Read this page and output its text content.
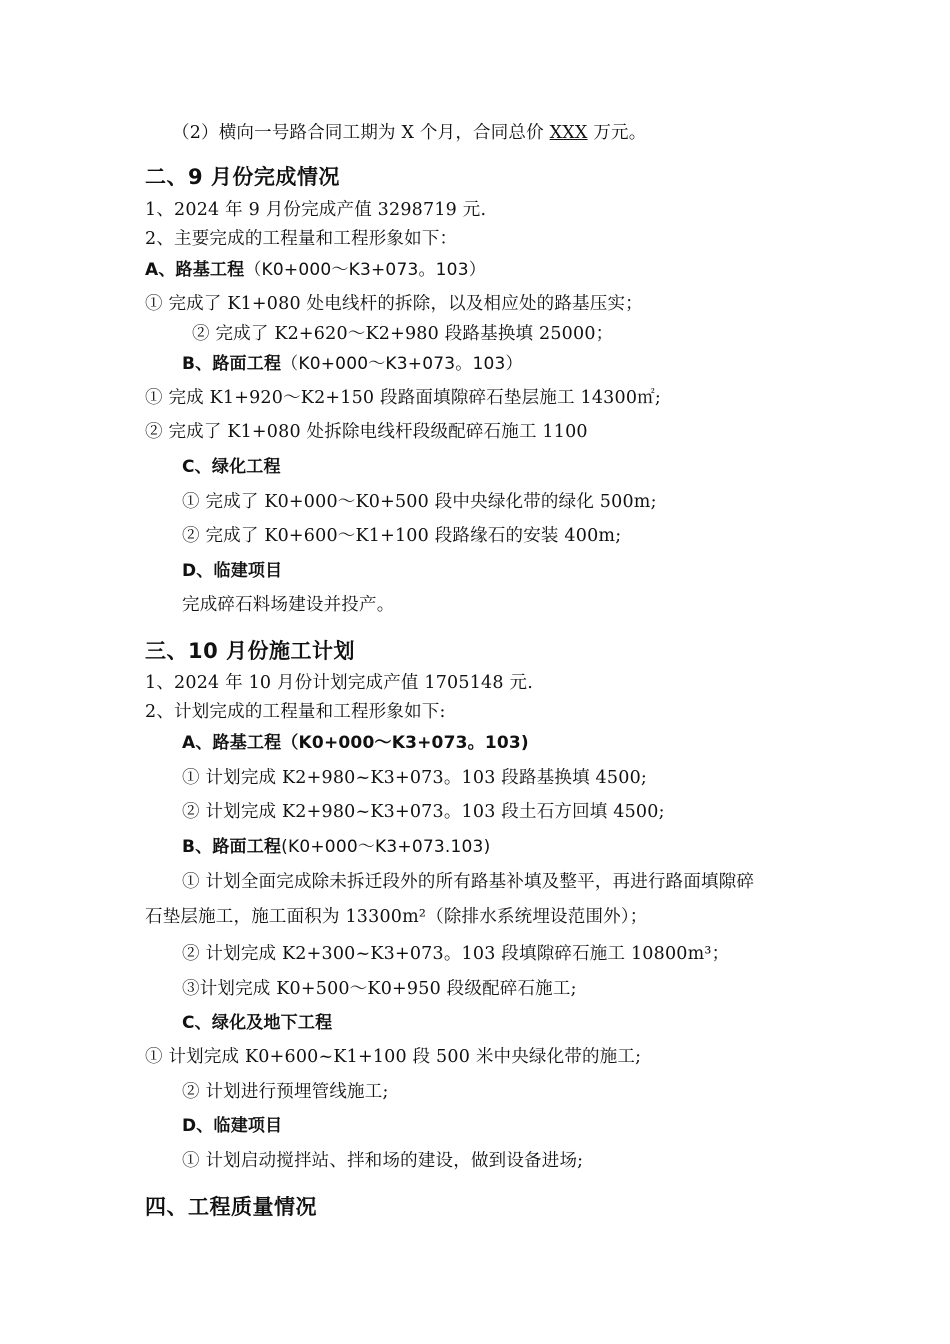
（2）横向一号路合同工期为 X 个月，合同总价 XXX 万元。
二、9 月份完成情况
1、2024 年 9 月份完成产值 3298719 元.
2、主要完成的工程量和工程形象如下：
A、路基工程（K0+000～K3+073。103）
① 完成了 K1+080 处电线杆的拆除，以及相应处的路基压实；
② 完成了 K2+620～K2+980 段路基换填 25000；
B、路面工程（K0+000～K3+073。103）
① 完成 K1+920～K2+150 段路面填隙碎石垫层施工 14300㎡;
② 完成了 K1+080 处拆除电线杆段级配碎石施工 1100
C、绿化工程
① 完成了 K0+000～K0+500 段中央绿化带的绿化 500m;
② 完成了 K0+600～K1+100 段路缘石的安装 400m;
D、临建项目
完成碎石料场建设并投产。
三、10 月份施工计划
1、2024 年 10 月份计划完成产值 1705148 元.
2、计划完成的工程量和工程形象如下:
A、路基工程（K0+000～K3+073。103)
① 计划完成 K2+980~K3+073。103 段路基换填 4500;
② 计划完成 K2+980~K3+073。103 段土石方回填 4500;
B、路面工程(K0+000～K3+073.103)
① 计划全面完成除未拆迁段外的所有路基补填及整平，再进行路面填隙碎
石垫层施工，施工面积为 13300m²（除排水系统埋设范围外）；
② 计划完成 K2+300~K3+073。103 段填隙碎石施工 10800m³；
③计划完成 K0+500～K0+950 段级配碎石施工;
C、绿化及地下工程
① 计划完成 K0+600~K1+100 段 500 米中央绿化带的施工;
② 计划进行预埋管线施工;
D、临建项目
① 计划启动搅拌站、拌和场的建设，做到设备进场;
四、工程质量情况
